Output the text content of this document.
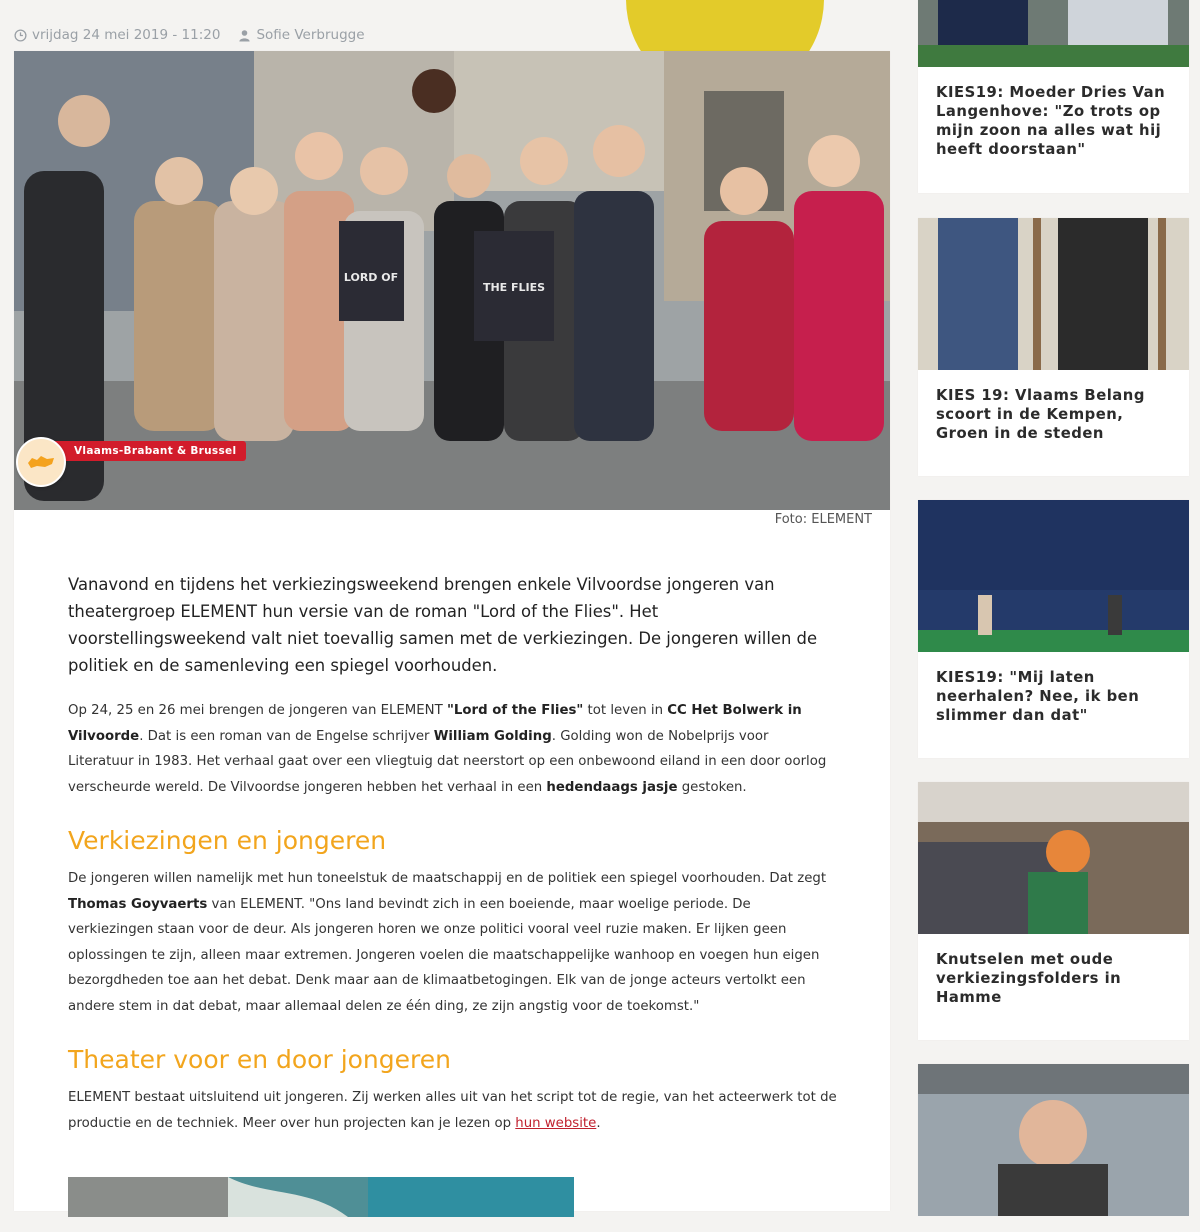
vrijdag 24 mei 2019 - 11:20	Sofie Verbrugge
LORD OF
THE FLIES
Foto: ELEMENT

Vanavond en tijdens het verkiezingsweekend brengen enkele Vilvoordse jongeren van theatergroep ELEMENT hun versie van de roman "Lord of the Flies". Het voorstellingsweekend valt niet toevallig samen met de verkiezingen. De jongeren willen de politiek en de samenleving een spiegel voorhouden.

Op 24, 25 en 26 mei brengen de jongeren van ELEMENT "Lord of the Flies" tot leven in CC Het Bolwerk in Vilvoorde. Dat is een roman van de Engelse schrijver William Golding. Golding won de Nobelprijs voor Literatuur in 1983. Het verhaal gaat over een vliegtuig dat neerstort op een onbewoond eiland in een door oorlog verscheurde wereld. De Vilvoordse jongeren hebben het verhaal in een hedendaags jasje gestoken.

Verkiezingen en jongeren

De jongeren willen namelijk met hun toneelstuk de maatschappij en de politiek een spiegel voorhouden. Dat zegt Thomas Goyvaerts van ELEMENT. "Ons land bevindt zich in een boeiende, maar woelige periode. De verkiezingen staan voor de deur. Als jongeren horen we onze politici vooral veel ruzie maken. Er lijken geen oplossingen te zijn, alleen maar extremen. Jongeren voelen die maatschappelijke wanhoop en voegen hun eigen bezorgdheden toe aan het debat. Denk maar aan de klimaatbetogingen. Elk van de jonge acteurs vertolkt een andere stem in dat debat, maar allemaal delen ze één ding, ze zijn angstig voor de toekomst."

Theater voor en door jongeren

ELEMENT bestaat uitsluitend uit jongeren. Zij werken alles uit van het script tot de regie, van het acteerwerk tot de productie en de techniek. Meer over hun projecten kan je lezen op hun website.

Vlaams-Brabant & Brussel
KIES19: Moeder Dries Van Langenhove: "Zo trots op mijn zoon na alles wat hij heeft doorstaan"
KIES 19: Vlaams Belang scoort in de Kempen, Groen in de steden
KIES19: "Mij laten neerhalen? Nee, ik ben slimmer dan dat"
Knutselen met oude verkiezingsfolders in Hamme
